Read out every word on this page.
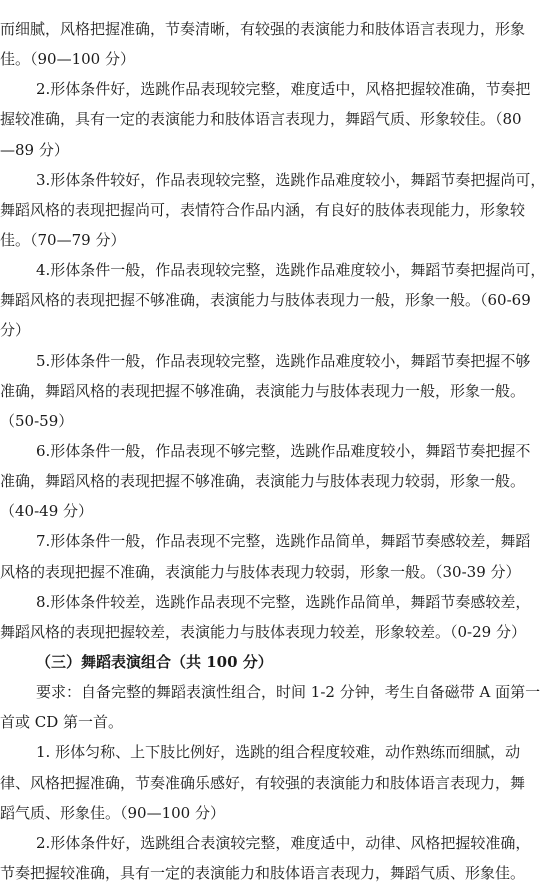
而细腻，风格把握准确，节奏清晰，有较强的表演能力和肢体语言表现力，形象
佳。（90—100 分）
2.形体条件好，选跳作品表现较完整，难度适中，风格把握较准确，节奏把
握较准确，具有一定的表演能力和肢体语言表现力，舞蹈气质、形象较佳。（80
—89 分）
3.形体条件较好，作品表现较完整，选跳作品难度较小，舞蹈节奏把握尚可，
舞蹈风格的表现把握尚可，表情符合作品内涵，有良好的肢体表现能力，形象较
佳。（70—79 分）
4.形体条件一般，作品表现较完整，选跳作品难度较小，舞蹈节奏把握尚可，
舞蹈风格的表现把握不够准确，表演能力与肢体表现力一般，形象一般。（60-69
分）
5.形体条件一般，作品表现较完整，选跳作品难度较小，舞蹈节奏把握不够
准确，舞蹈风格的表现把握不够准确，表演能力与肢体表现力一般，形象一般。
（50-59）
6.形体条件一般，作品表现不够完整，选跳作品难度较小，舞蹈节奏把握不
准确，舞蹈风格的表现把握不够准确，表演能力与肢体表现力较弱，形象一般。
（40-49 分）
7.形体条件一般，作品表现不完整，选跳作品简单，舞蹈节奏感较差，舞蹈
风格的表现把握不准确，表演能力与肢体表现力较弱，形象一般。（30-39 分）
8.形体条件较差，选跳作品表现不完整，选跳作品简单，舞蹈节奏感较差，
舞蹈风格的表现把握较差，表演能力与肢体表现力较差，形象较差。（0-29 分）
（三）舞蹈表演组合（共 100 分）
要求：自备完整的舞蹈表演性组合，时间 1-2 分钟，考生自备磁带 A 面第一
首或 CD 第一首。
1. 形体匀称、上下肢比例好，选跳的组合程度较难，动作熟练而细腻，动
律、风格把握准确，节奏准确乐感好，有较强的表演能力和肢体语言表现力，舞
蹈气质、形象佳。（90—100 分）
2.形体条件好，选跳组合表演较完整，难度适中，动律、风格把握较准确，
节奏把握较准确，具有一定的表演能力和肢体语言表现力，舞蹈气质、形象佳。
